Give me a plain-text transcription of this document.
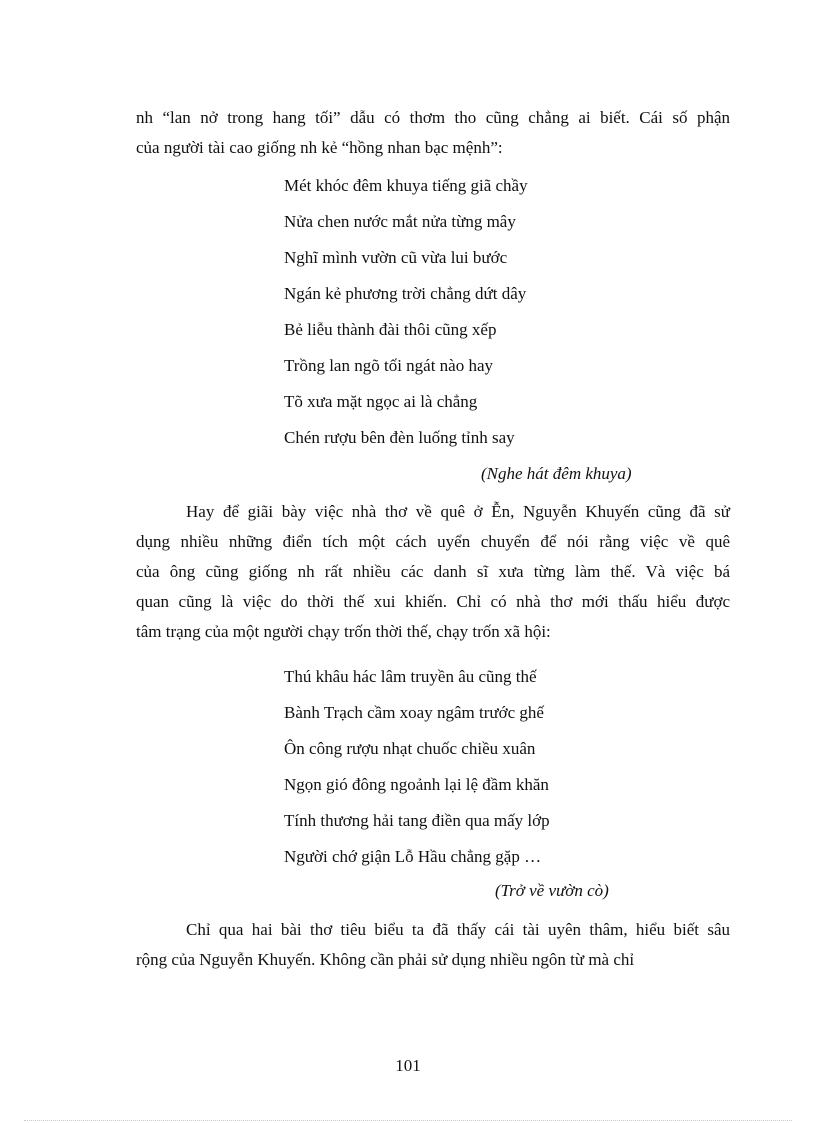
nh “lan nở trong hang tối” dẫu có thơm tho cũng chẳng ai biết. Cái số phận
của người tài cao giống nh kẻ “hồng nhan bạc mệnh”:
Mét khóc đêm khuya tiếng giã chầy
Nửa chen nước mắt nửa từng mây
Nghĩ mình vườn cũ vừa lui bước
Ngán kẻ phương trời chẳng dứt dây
Bẻ liễu thành đài thôi cũng xếp
Trồng lan ngõ tối ngát nào hay
Tõ xưa mặt ngọc ai là chẳng
Chén rượu bên đèn luống tỉnh say
(Nghe hát đêm khuya)
Hay để giãi bày việc nhà thơ về quê ở Ễn, Nguyễn Khuyến cũng đã sử
dụng nhiều những điển tích một cách uyển chuyển để nói rằng việc về quê
của ông cũng giống nh rất nhiều các danh sĩ xưa từng làm thế. Và việc bá
quan cũng là việc do thời thế xui khiến. Chỉ có nhà thơ mới thấu hiểu được
tâm trạng của một người chạy trốn thời thế, chạy trốn xã hội:
Thú khâu hác lâm truyền âu cũng thế
Bành Trạch cầm xoay ngâm trước ghế
Ôn công rượu nhạt chuốc chiều xuân
Ngọn gió đông ngoảnh lại lệ đầm khăn
Tính thương hải tang điền qua mấy lớp
Người chớ giận Lỗ Hầu chẳng gặp …
(Trở về vườn cò)
Chỉ qua hai bài thơ tiêu biểu ta đã thấy cái tài uyên thâm, hiểu biết sâu
rộng của Nguyễn Khuyến. Không cần phải sử dụng nhiều ngôn từ mà chỉ
101
